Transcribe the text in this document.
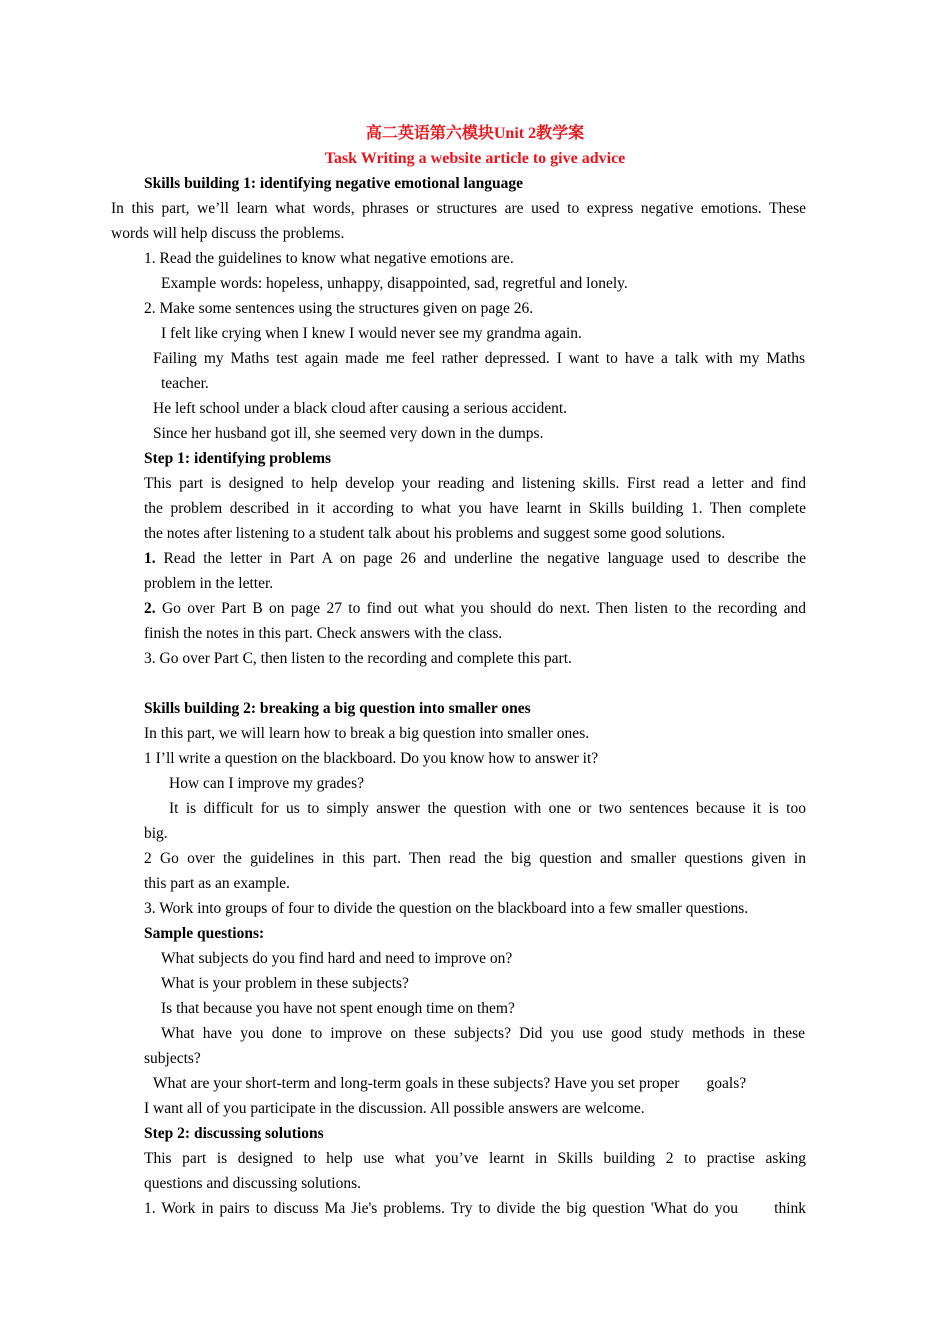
高二英语第六模块Unit 2教学案
Task Writing a website article to give advice
Skills building 1: identifying negative emotional language
In this part, we’ll learn what words, phrases or structures are used to express negative emotions. These
words will help discuss the problems.
1. Read the guidelines to know what negative emotions are.
Example words: hopeless, unhappy, disappointed, sad, regretful and lonely.
2. Make some sentences using the structures given on page 26.
I felt like crying when I knew I would never see my grandma again.
Failing my Maths test again made me feel rather depressed. I want to have a talk with my Maths
teacher.
He left school under a black cloud after causing a serious accident.
Since her husband got ill, she seemed very down in the dumps.
Step 1: identifying problems
This part is designed to help develop your reading and listening skills. First read a letter and find
the problem described in it according to what you have learnt in Skills building 1. Then complete
the notes after listening to a student talk about his problems and suggest some good solutions.
1. Read the letter in Part A on page 26 and underline the negative language used to describe the
problem in the letter.
2. Go over Part B on page 27 to find out what you should do next. Then listen to the recording and
finish the notes in this part. Check answers with the class.
3. Go over Part C, then listen to the recording and complete this part.
Skills building 2: breaking a big question into smaller ones
In this part, we will learn how to break a big question into smaller ones.
1 I’ll write a question on the blackboard. Do you know how to answer it?
How can I improve my grades?
It is difficult for us to simply answer the question with one or two sentences because it is too
big.
2 Go over the guidelines in this part. Then read the big question and smaller questions given in
this part as an example.
3. Work into groups of four to divide the question on the blackboard into a few smaller questions.
Sample questions:
What subjects do you find hard and need to improve on?
What is your problem in these subjects?
Is that because you have not spent enough time on them?
What have you done to improve on these subjects? Did you use good study methods in these
subjects?
What are your short-term and long-term goals in these subjects? Have you set proper       goals?
I want all of you participate in the discussion. All possible answers are welcome.
Step 2: discussing solutions
This part is designed to help use what you’ve learnt in Skills building 2 to practise asking
questions and discussing solutions.
1. Work in pairs to discuss Ma Jie's problems. Try to divide the big question 'What do you      think
